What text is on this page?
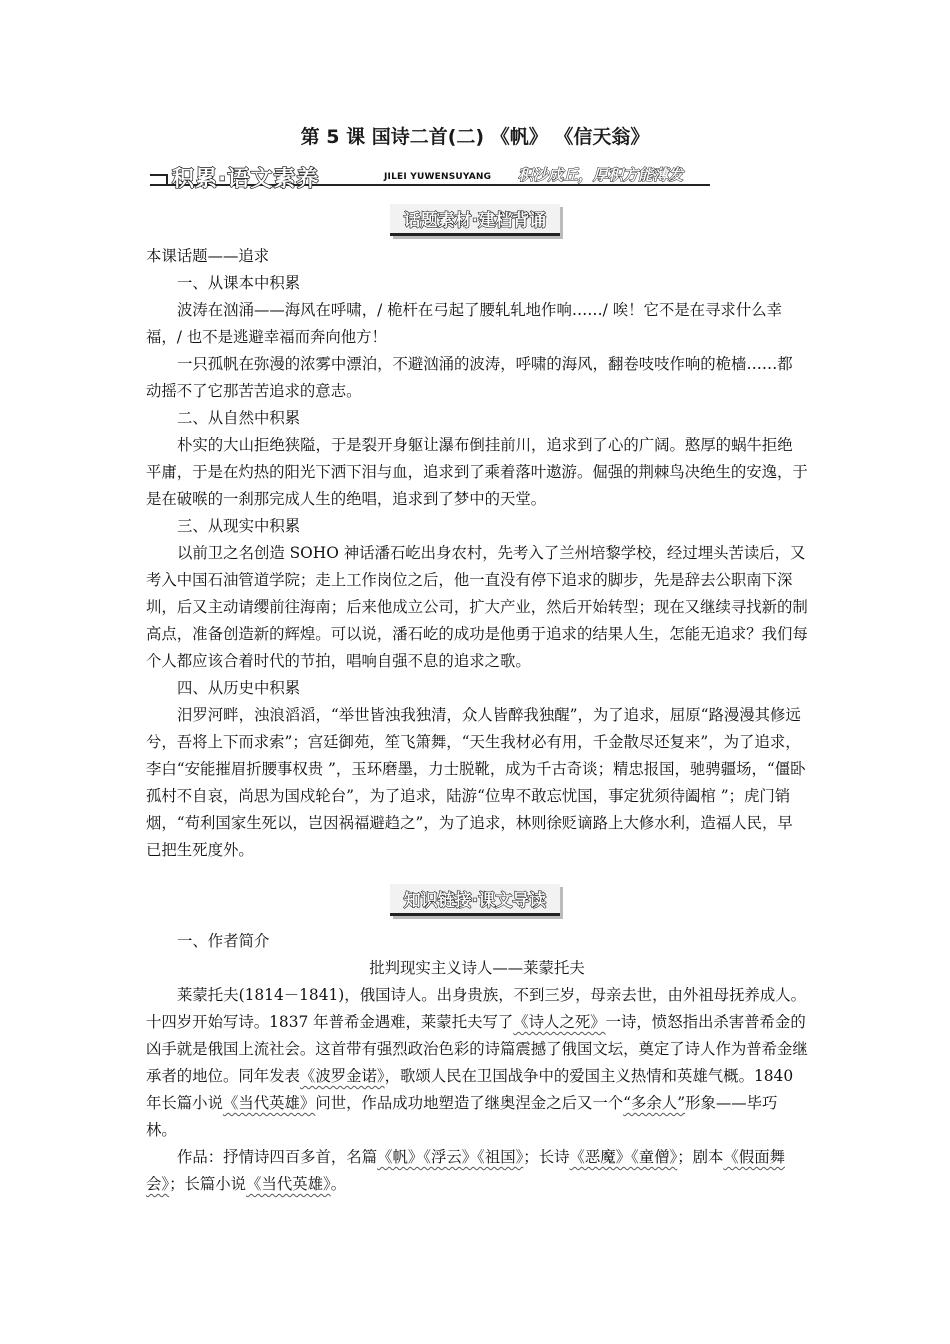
第 5 课 国诗二首(二) 《帆》 《信天翁》
积累·语文素养	JILEI YUWENSUYANG 积沙成丘，厚积方能薄发
话题素材·建档背诵

本课话题——追求

一、从课本中积累

波涛在汹涌——海风在呼啸，/ 桅杆在弓起了腰轧轧地作响……/ 唉！它不是在寻求什么幸福，/ 也不是逃避幸福而奔向他方！

一只孤帆在弥漫的浓雾中漂泊，不避汹涌的波涛，呼啸的海风，翻卷吱吱作响的桅樯……都动摇不了它那苦苦追求的意志。

二、从自然中积累

朴实的大山拒绝狭隘，于是裂开身躯让瀑布倒挂前川，追求到了心的广阔。憨厚的蜗牛拒绝平庸，于是在灼热的阳光下洒下泪与血，追求到了乘着落叶遨游。倔强的荆棘鸟决绝生的安逸，于是在破喉的一刹那完成人生的绝唱，追求到了梦中的天堂。

三、从现实中积累

以前卫之名创造 SOHO 神话潘石屹出身农村，先考入了兰州培黎学校，经过埋头苦读后，又考入中国石油管道学院；走上工作岗位之后，他一直没有停下追求的脚步，先是辞去公职南下深圳，后又主动请缨前往海南；后来他成立公司，扩大产业，然后开始转型；现在又继续寻找新的制高点，准备创造新的辉煌。可以说，潘石屹的成功是他勇于追求的结果人生，怎能无追求？我们每个人都应该合着时代的节拍，唱响自强不息的追求之歌。

四、从历史中积累

汨罗河畔，浊浪滔滔，“举世皆浊我独清，众人皆醉我独醒”，为了追求，屈原“路漫漫其修远兮，吾将上下而求索”；宫廷御苑，笙飞箫舞，“天生我材必有用，千金散尽还复来”，为了追求，李白“安能摧眉折腰事权贵 ”，玉环磨墨，力士脱靴，成为千古奇谈；精忠报国，驰骋疆场，“僵卧孤村不自哀，尚思为国戍轮台”，为了追求，陆游“位卑不敢忘忧国，事定犹须待阖棺 ”；虎门销烟，“苟利国家生死以，岂因祸福避趋之”，为了追求，林则徐贬谪路上大修水利，造福人民，早已把生死度外。

知识链接·课文导读

一、作者简介

批判现实主义诗人——莱蒙托夫

莱蒙托夫(1814－1841)，俄国诗人。出身贵族，不到三岁，母亲去世，由外祖母抚养成人。十四岁开始写诗。1837 年普希金遇难，莱蒙托夫写了《诗人之死》一诗，愤怒指出杀害普希金的凶手就是俄国上流社会。这首带有强烈政治色彩的诗篇震撼了俄国文坛，奠定了诗人作为普希金继承者的地位。同年发表《波罗金诺》，歌颂人民在卫国战争中的爱国主义热情和英雄气概。1840 年长篇小说《当代英雄》问世，作品成功地塑造了继奥涅金之后又一个“多余人”形象——毕巧林。

作品：抒情诗四百多首，名篇《帆》《浮云》《祖国》；长诗《恶魔》《童僧》；剧本《假面舞会》；长篇小说《当代英雄》。
